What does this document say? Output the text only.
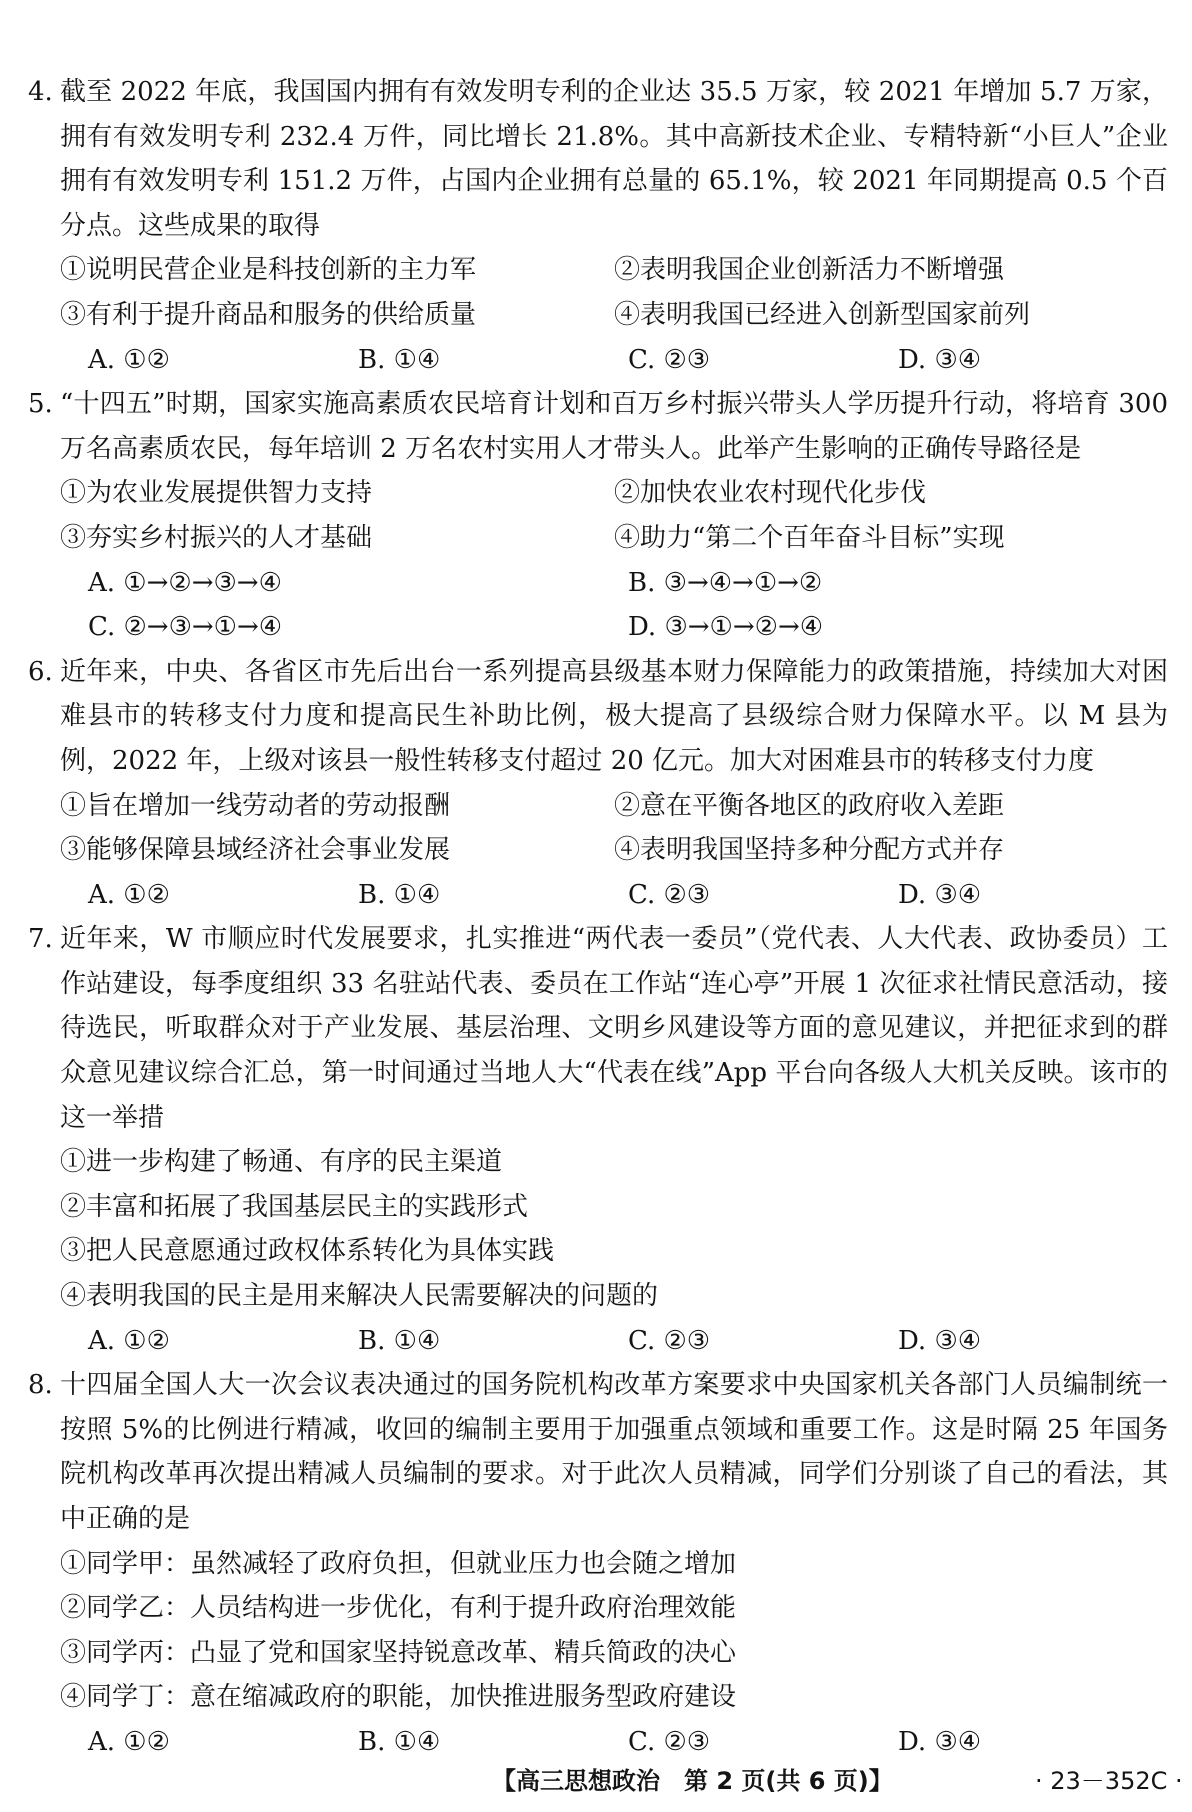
4. 截至 2022 年底，我国国内拥有有效发明专利的企业达 35.5 万家，较 2021 年增加 5.7 万家，拥有有效发明专利 232.4 万件，同比增长 21.8%。其中高新技术企业、专精特新“小巨人”企业拥有有效发明专利 151.2 万件，占国内企业拥有总量的 65.1%，较 2021 年同期提高 0.5 个百分点。这些成果的取得
①说明民营企业是科技创新的主力军	②表明我国企业创新活力不断增强
③有利于提升商品和服务的供给质量	④表明我国已经进入创新型国家前列
A. ①②	B. ①④	C. ②③	D. ③④
5. “十四五”时期，国家实施高素质农民培育计划和百万乡村振兴带头人学历提升行动，将培育 300 万名高素质农民，每年培训 2 万名农村实用人才带头人。此举产生影响的正确传导路径是
①为农业发展提供智力支持	②加快农业农村现代化步伐
③夯实乡村振兴的人才基础	④助力“第二个百年奋斗目标”实现
A. ①→②→③→④	B. ③→④→①→②
C. ②→③→①→④	D. ③→①→②→④
6. 近年来，中央、各省区市先后出台一系列提高县级基本财力保障能力的政策措施，持续加大对困难县市的转移支付力度和提高民生补助比例，极大提高了县级综合财力保障水平。以 M 县为例，2022 年，上级对该县一般性转移支付超过 20 亿元。加大对困难县市的转移支付力度
①旨在增加一线劳动者的劳动报酬	②意在平衡各地区的政府收入差距
③能够保障县域经济社会事业发展	④表明我国坚持多种分配方式并存
A. ①②	B. ①④	C. ②③	D. ③④
7. 近年来，W 市顺应时代发展要求，扎实推进“两代表一委员”（党代表、人大代表、政协委员）工作站建设，每季度组织 33 名驻站代表、委员在工作站“连心亭”开展 1 次征求社情民意活动，接待选民，听取群众对于产业发展、基层治理、文明乡风建设等方面的意见建议，并把征求到的群众意见建议综合汇总，第一时间通过当地人大“代表在线”App 平台向各级人大机关反映。该市的这一举措
①进一步构建了畅通、有序的民主渠道
②丰富和拓展了我国基层民主的实践形式
③把人民意愿通过政权体系转化为具体实践
④表明我国的民主是用来解决人民需要解决的问题的
A. ①②	B. ①④	C. ②③	D. ③④
8. 十四届全国人大一次会议表决通过的国务院机构改革方案要求中央国家机关各部门人员编制统一按照 5%的比例进行精减，收回的编制主要用于加强重点领域和重要工作。这是时隔 25 年国务院机构改革再次提出精减人员编制的要求。对于此次人员精减，同学们分别谈了自己的看法，其中正确的是
①同学甲：虽然减轻了政府负担，但就业压力也会随之增加
②同学乙：人员结构进一步优化，有利于提升政府治理效能
③同学丙：凸显了党和国家坚持锐意改革、精兵简政的决心
④同学丁：意在缩减政府的职能，加快推进服务型政府建设
A. ①②	B. ①④	C. ②③	D. ③④
【高三思想政治　第 2 页(共 6 页)】	· 23－352C ·
